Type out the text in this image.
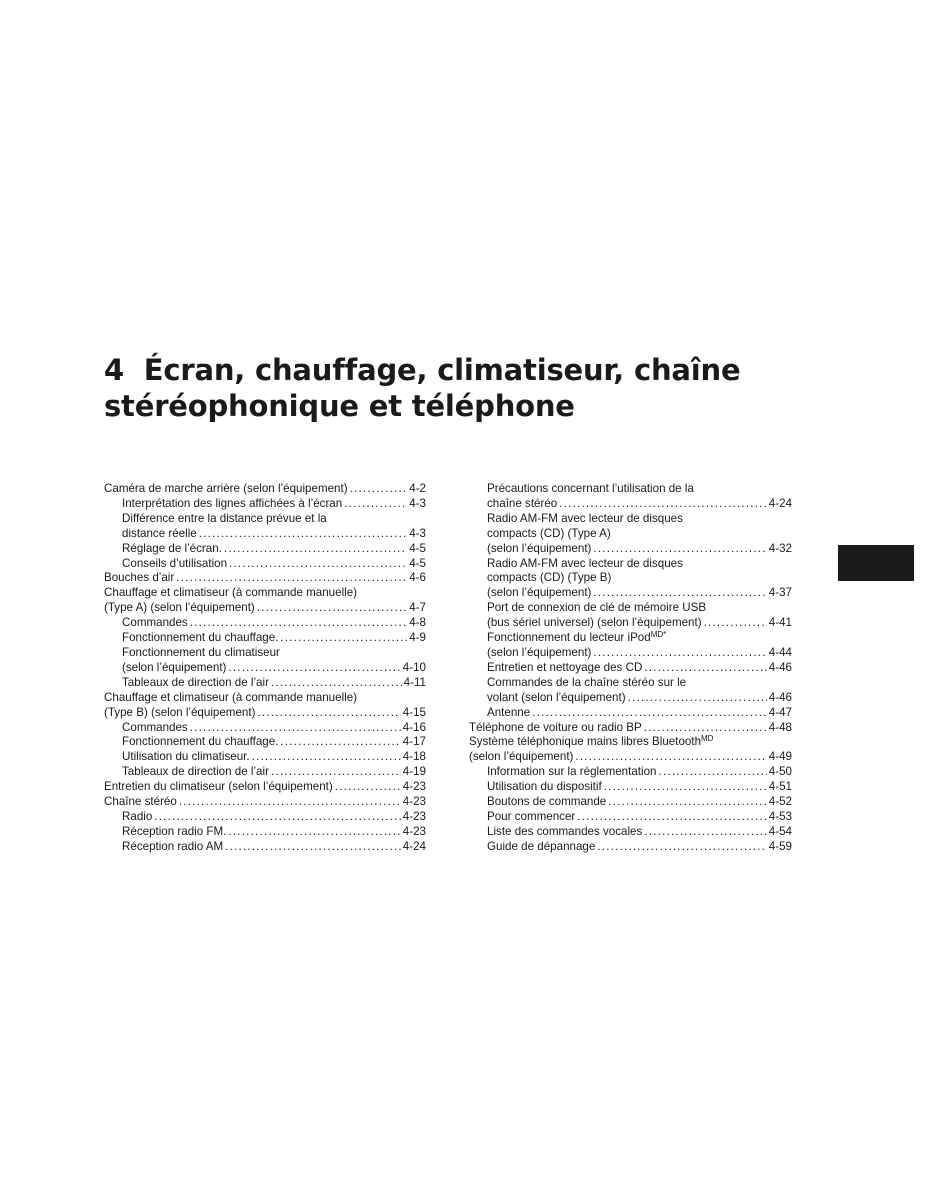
4  Écran, chauffage, climatiseur, chaîne
stéréophonique et téléphone
Caméra de marche arrière (selon l’équipement) . . .	4-2
Interprétation des lignes affichées à l’écran . . .	4-3
Différence entre la distance prévue et la
distance réelle . . .	4-3
Réglage de l’écran. . . .	4-5
Conseils d’utilisation . . .	4-5
Bouches d’air . . .	4-6
Chauffage et climatiseur (à commande manuelle)
(Type A) (selon l’équipement) . . .	4-7
Commandes . . .	4-8
Fonctionnement du chauffage. . . .	4-9
Fonctionnement du climatiseur
(selon l’équipement) . . .	4-10
Tableaux de direction de l’air . . .	4-11
Chauffage et climatiseur (à commande manuelle)
(Type B) (selon l’équipement) . . .	4-15
Commandes . . .	4-16
Fonctionnement du chauffage. . . .	4-17
Utilisation du climatiseur. . . .	4-18
Tableaux de direction de l’air . . .	4-19
Entretien du climatiseur (selon l’équipement) . . .	4-23
Chaîne stéréo . . .	4-23
Radio . . .	4-23
Réception radio FM. . . .	4-23
Réception radio AM . . .	4-24
Précautions concernant l’utilisation de la
chaîne stéréo . . .	4-24
Radio AM-FM avec lecteur de disques
compacts (CD) (Type A)
(selon l’équipement) . . .	4-32
Radio AM-FM avec lecteur de disques
compacts (CD) (Type B)
(selon l’équipement) . . .	4-37
Port de connexion de clé de mémoire USB
(bus sériel universel) (selon l’équipement) . . .	4-41
Fonctionnement du lecteur iPod$^{MD*}$
(selon l’équipement) . . .	4-44
Entretien et nettoyage des CD . . .	4-46
Commandes de la chaîne stéréo sur le
volant (selon l’équipement) . . .	4-46
Antenne . . .	4-47
Téléphone de voiture ou radio BP . . .	4-48
Système téléphonique mains libres Bluetooth$^{MD}$
(selon l’équipement) . . .	4-49
Information sur la réglementation . . .	4-50
Utilisation du dispositif . . .	4-51
Boutons de commande . . .	4-52
Pour commencer . . .	4-53
Liste des commandes vocales . . .	4-54
Guide de dépannage . . .	4-59
